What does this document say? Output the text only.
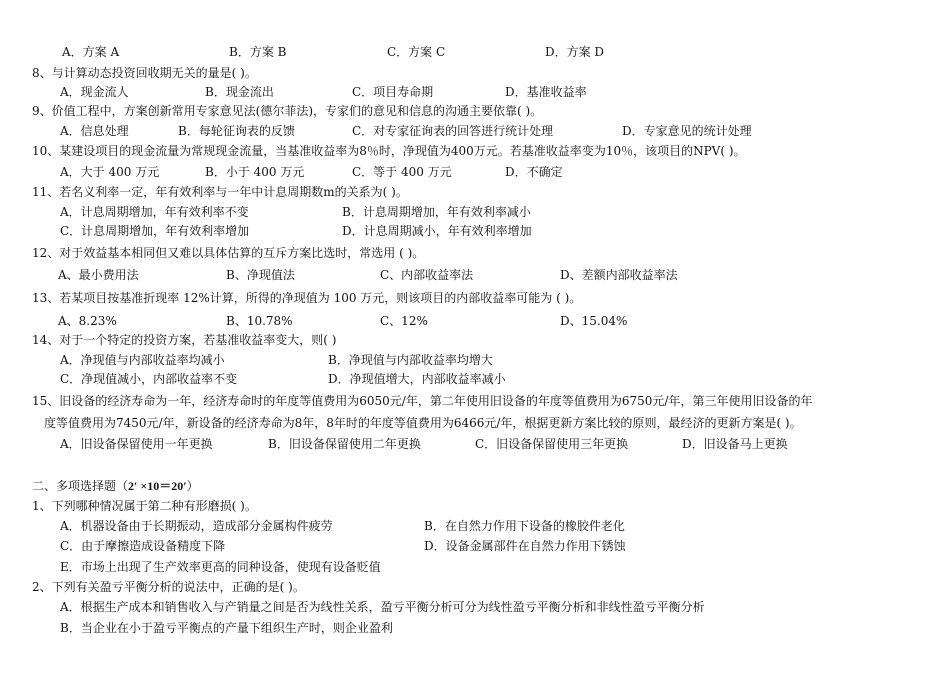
A．方案 A	B．方案 B	C．方案 C	D．方案 D
8、与计算动态投资回收期无关的量是( )。
A．现金流人	B．现金流出	C．项目寿命期	D．基准收益率
9、价值工程中，方案创新常用专家意见法(德尔菲法)，专家们的意见和信息的沟通主要依靠( )。
A．信息处理	B．每轮征询表的反馈	C．对专家征询表的回答进行统计处理	D．专家意见的统计处理
10、某建设项目的现金流量为常规现金流量，当基准收益率为8％时，净现值为400万元。若基准收益率变为10％，该项目的NPV( )。
A．大于 400 万元	B．小于 400 万元	C．等于 400 万元	D．不确定
11、若名义利率一定，年有效利率与一年中计息周期数m的关系为( )。
A．计息周期增加，年有效利率不变	B．计息周期增加，年有效利率减小
C．计息周期增加，年有效利率增加	D．计息周期减小，年有效利率增加
12、对于效益基本相同但又难以具体估算的互斥方案比选时，常选用 ( )。
A、最小费用法	B、净现值法	C、内部收益率法	D、差额内部收益率法
13、若某项目按基准折现率 12%计算，所得的净现值为 100 万元，则该项目的内部收益率可能为 ( )。
A、8.23%	B、10.78%	C、12%	D、15.04%
14、对于一个特定的投资方案，若基准收益率变大，则( )
A．净现值与内部收益率均减小	B．净现值与内部收益率均增大
C．净现值减小，内部收益率不变	D．净现值增大，内部收益率减小
15、旧设备的经济寿命为一年，经济寿命时的年度等值费用为6050元/年，第二年使用旧设备的年度等值费用为6750元/年，第三年使用旧设备的年
度等值费用为7450元/年，新设备的经济寿命为8年，8年时的年度等值费用为6466元/年，根据更新方案比较的原则，最经济的更新方案是( )。
A．旧设备保留使用一年更换	B．旧设备保留使用二年更换	C．旧设备保留使用三年更换	D．旧设备马上更换
二、多项选择题（2′ ×10＝20′）
1、下列哪种情况属于第二种有形磨损( )。
A．机器设备由于长期振动，造成部分金属构件疲劳	B．在自然力作用下设备的橡胶件老化
C．由于摩擦造成设备精度下降	D．设备金属部件在自然力作用下锈蚀
E．市场上出现了生产效率更高的同种设备，使现有设备贬值
2、下列有关盈亏平衡分析的说法中，正确的是( )。
A．根据生产成本和销售收入与产销量之间是否为线性关系，盈亏平衡分析可分为线性盈亏平衡分析和非线性盈亏平衡分析
B．当企业在小于盈亏平衡点的产量下组织生产时，则企业盈利
